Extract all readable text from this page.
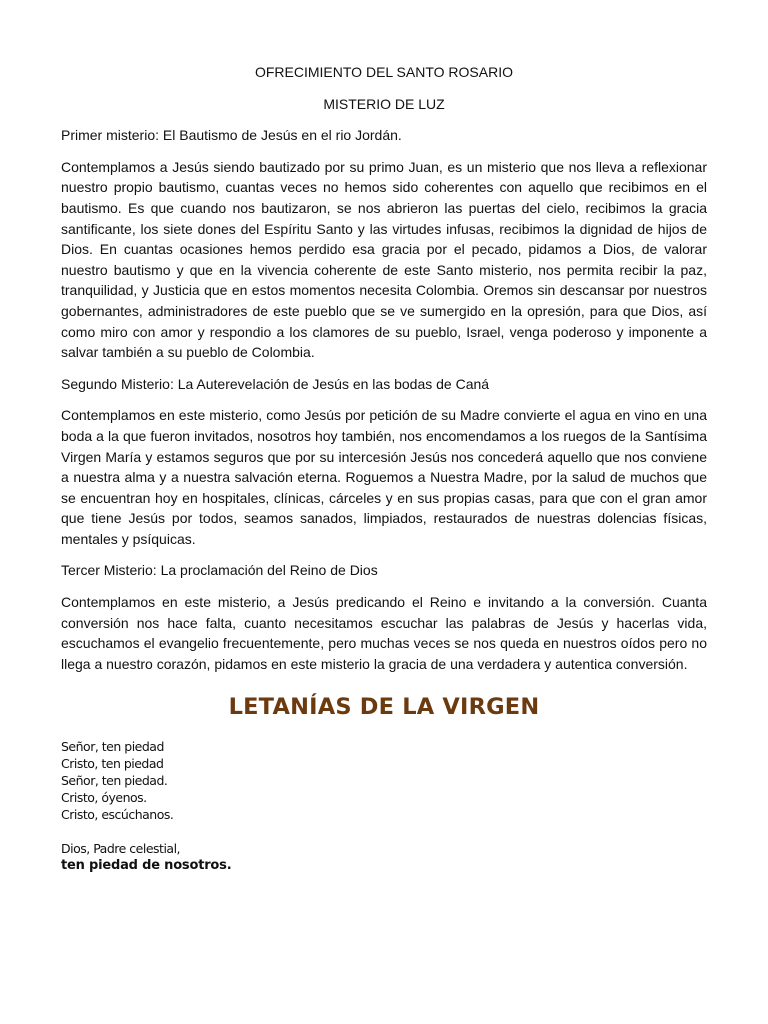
OFRECIMIENTO DEL SANTO ROSARIO

MISTERIO DE LUZ

Primer misterio: El Bautismo de Jesús en el rio Jordán.

Contemplamos a Jesús siendo bautizado por su primo Juan, es un misterio que nos lleva a reflexionar nuestro propio bautismo, cuantas veces no hemos sido coherentes con aquello que recibimos en el bautismo. Es que cuando nos bautizaron, se nos abrieron las puertas del cielo, recibimos la gracia santificante, los siete dones del Espíritu Santo y las virtudes infusas, recibimos la dignidad de hijos de Dios. En cuantas ocasiones hemos perdido esa gracia por el pecado, pidamos a Dios, de valorar nuestro bautismo y que en la vivencia coherente de este Santo misterio, nos permita recibir la paz, tranquilidad, y Justicia que en estos momentos necesita Colombia. Oremos sin descansar por nuestros gobernantes, administradores de este pueblo que se ve sumergido en la opresión, para que Dios, así como miro con amor y respondio a los clamores de su pueblo, Israel, venga poderoso y imponente a salvar también a su pueblo de Colombia.

Segundo Misterio: La Auterevelación de Jesús en las bodas de Caná

Contemplamos en este misterio, como Jesús por petición de su Madre convierte el agua en vino en una boda a la que fueron invitados, nosotros hoy también, nos encomendamos a los ruegos de la Santísima Virgen María y estamos seguros que por su intercesión Jesús nos concederá aquello que nos conviene a nuestra alma y a nuestra salvación eterna. Roguemos a Nuestra Madre, por la salud de muchos que se encuentran hoy en hospitales, clínicas, cárceles y en sus propias casas, para que con el gran amor que tiene Jesús por todos, seamos sanados, limpiados, restaurados de nuestras dolencias físicas, mentales y psíquicas.

Tercer Misterio: La proclamación del Reino de Dios

Contemplamos en este misterio, a Jesús predicando el Reino e invitando a la conversión. Cuanta conversión nos hace falta, cuanto necesitamos escuchar las palabras de Jesús y hacerlas vida, escuchamos el evangelio frecuentemente, pero muchas veces se nos queda en nuestros oídos pero no llega a nuestro corazón, pidamos en este misterio la gracia de una verdadera y autentica conversión.

LETANÍAS DE LA VIRGEN
Señor, ten piedad
Cristo, ten piedad
Señor, ten piedad.
Cristo, óyenos.
Cristo, escúchanos.
Dios, Padre celestial,
ten piedad de nosotros.
